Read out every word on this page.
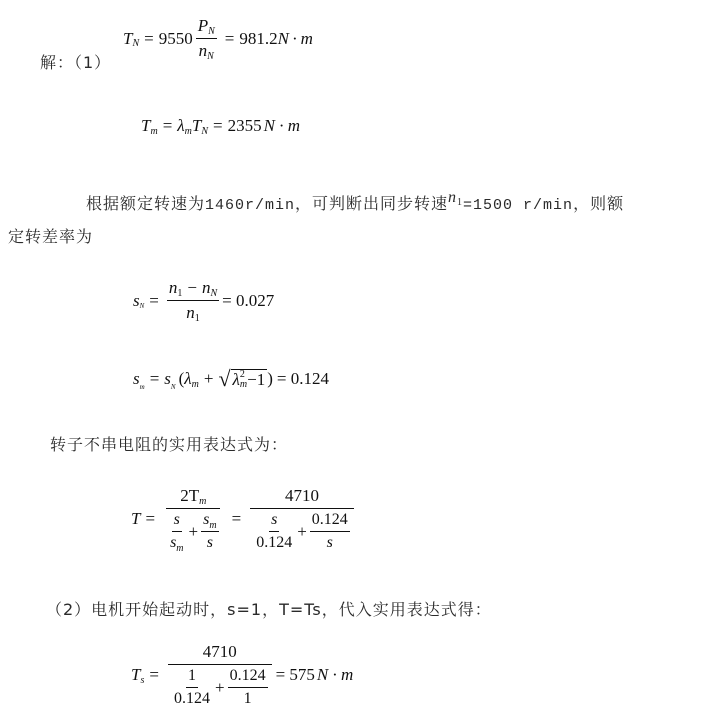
解：（1）
T $N = 9550 \frac{\text{P N}}{\text{n N}} = 981.2$ N · m
T m = λ m T N = 2355 N · m
根据额定转速为1460r/min，可判断出同步转速$n^1=1500$ r/min，则额
定转差率为
s $N = \frac{\text{n 1 − n N}}{n 1} = 0.027$
s m = s N ( λ m + √ λ 2
m −1 ) = 0.124
转子不串电阻的实用表达式为：
$T = \frac{\text{2T m}}{\frac{s}{\text{s m}} + \frac{\text{s m}}{s}} = \frac{4710}{\frac{s}{0.124} + \frac{0.124}{s}}$
（2）电机开始起动时，s=1，T=Ts，代入实用表达式得：
T $s = \frac{4710}{\frac{1}{0.124} + \frac{0.124}{1}} = 575$ N · m
